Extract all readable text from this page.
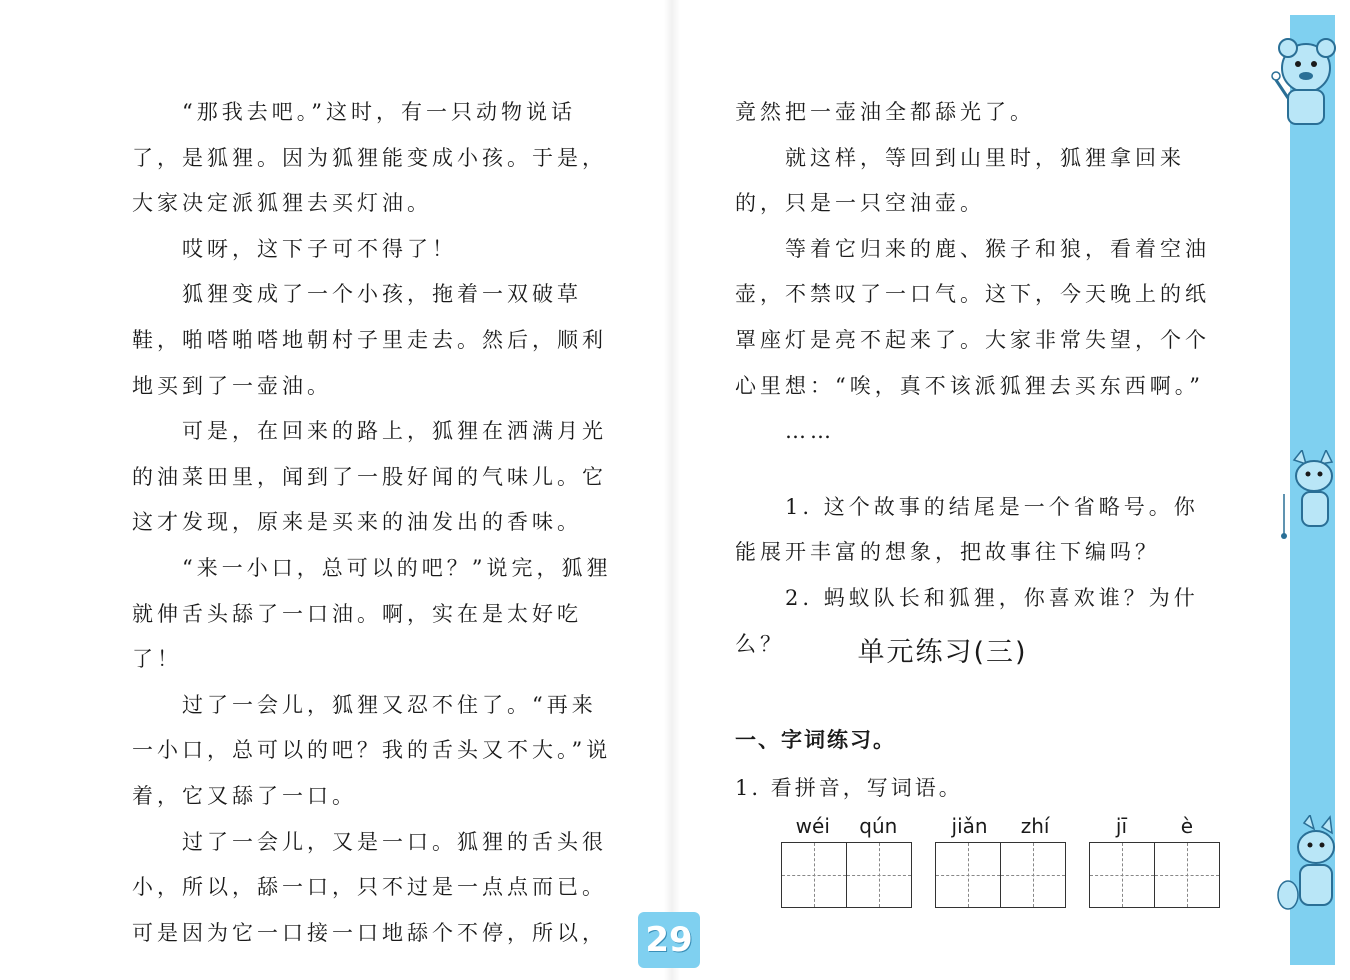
“那我去吧。”这时，有一只动物说话了，是狐狸。因为狐狸能变成小孩。于是，大家决定派狐狸去买灯油。

哎呀，这下子可不得了！

狐狸变成了一个小孩，拖着一双破草鞋，啪嗒啪嗒地朝村子里走去。然后，顺利地买到了一壶油。

可是，在回来的路上，狐狸在洒满月光的油菜田里，闻到了一股好闻的气味儿。它这才发现，原来是买来的油发出的香味。

“来一小口，总可以的吧？”说完，狐狸就伸舌头舔了一口油。啊，实在是太好吃了！

过了一会儿，狐狸又忍不住了。“再来一小口，总可以的吧？我的舌头又不大。”说着，它又舔了一口。

过了一会儿，又是一口。狐狸的舌头很小，所以，舔一口，只不过是一点点而已。可是因为它一口接一口地舔个不停，所以，

竟然把一壶油全都舔光了。

就这样，等回到山里时，狐狸拿回来的，只是一只空油壶。

等着它归来的鹿、猴子和狼，看着空油壶，不禁叹了一口气。这下，今天晚上的纸罩座灯是亮不起来了。大家非常失望，个个心里想：“唉，真不该派狐狸去买东西啊。”

……

1. 这个故事的结尾是一个省略号。你能展开丰富的想象，把故事往下编吗？

2. 蚂蚁队长和狐狸，你喜欢谁？为什么？	单元练习(三)
一、字词练习。
1. 看拼音，写词语。
wéi qún	jiǎn zhí	jī	è
29
